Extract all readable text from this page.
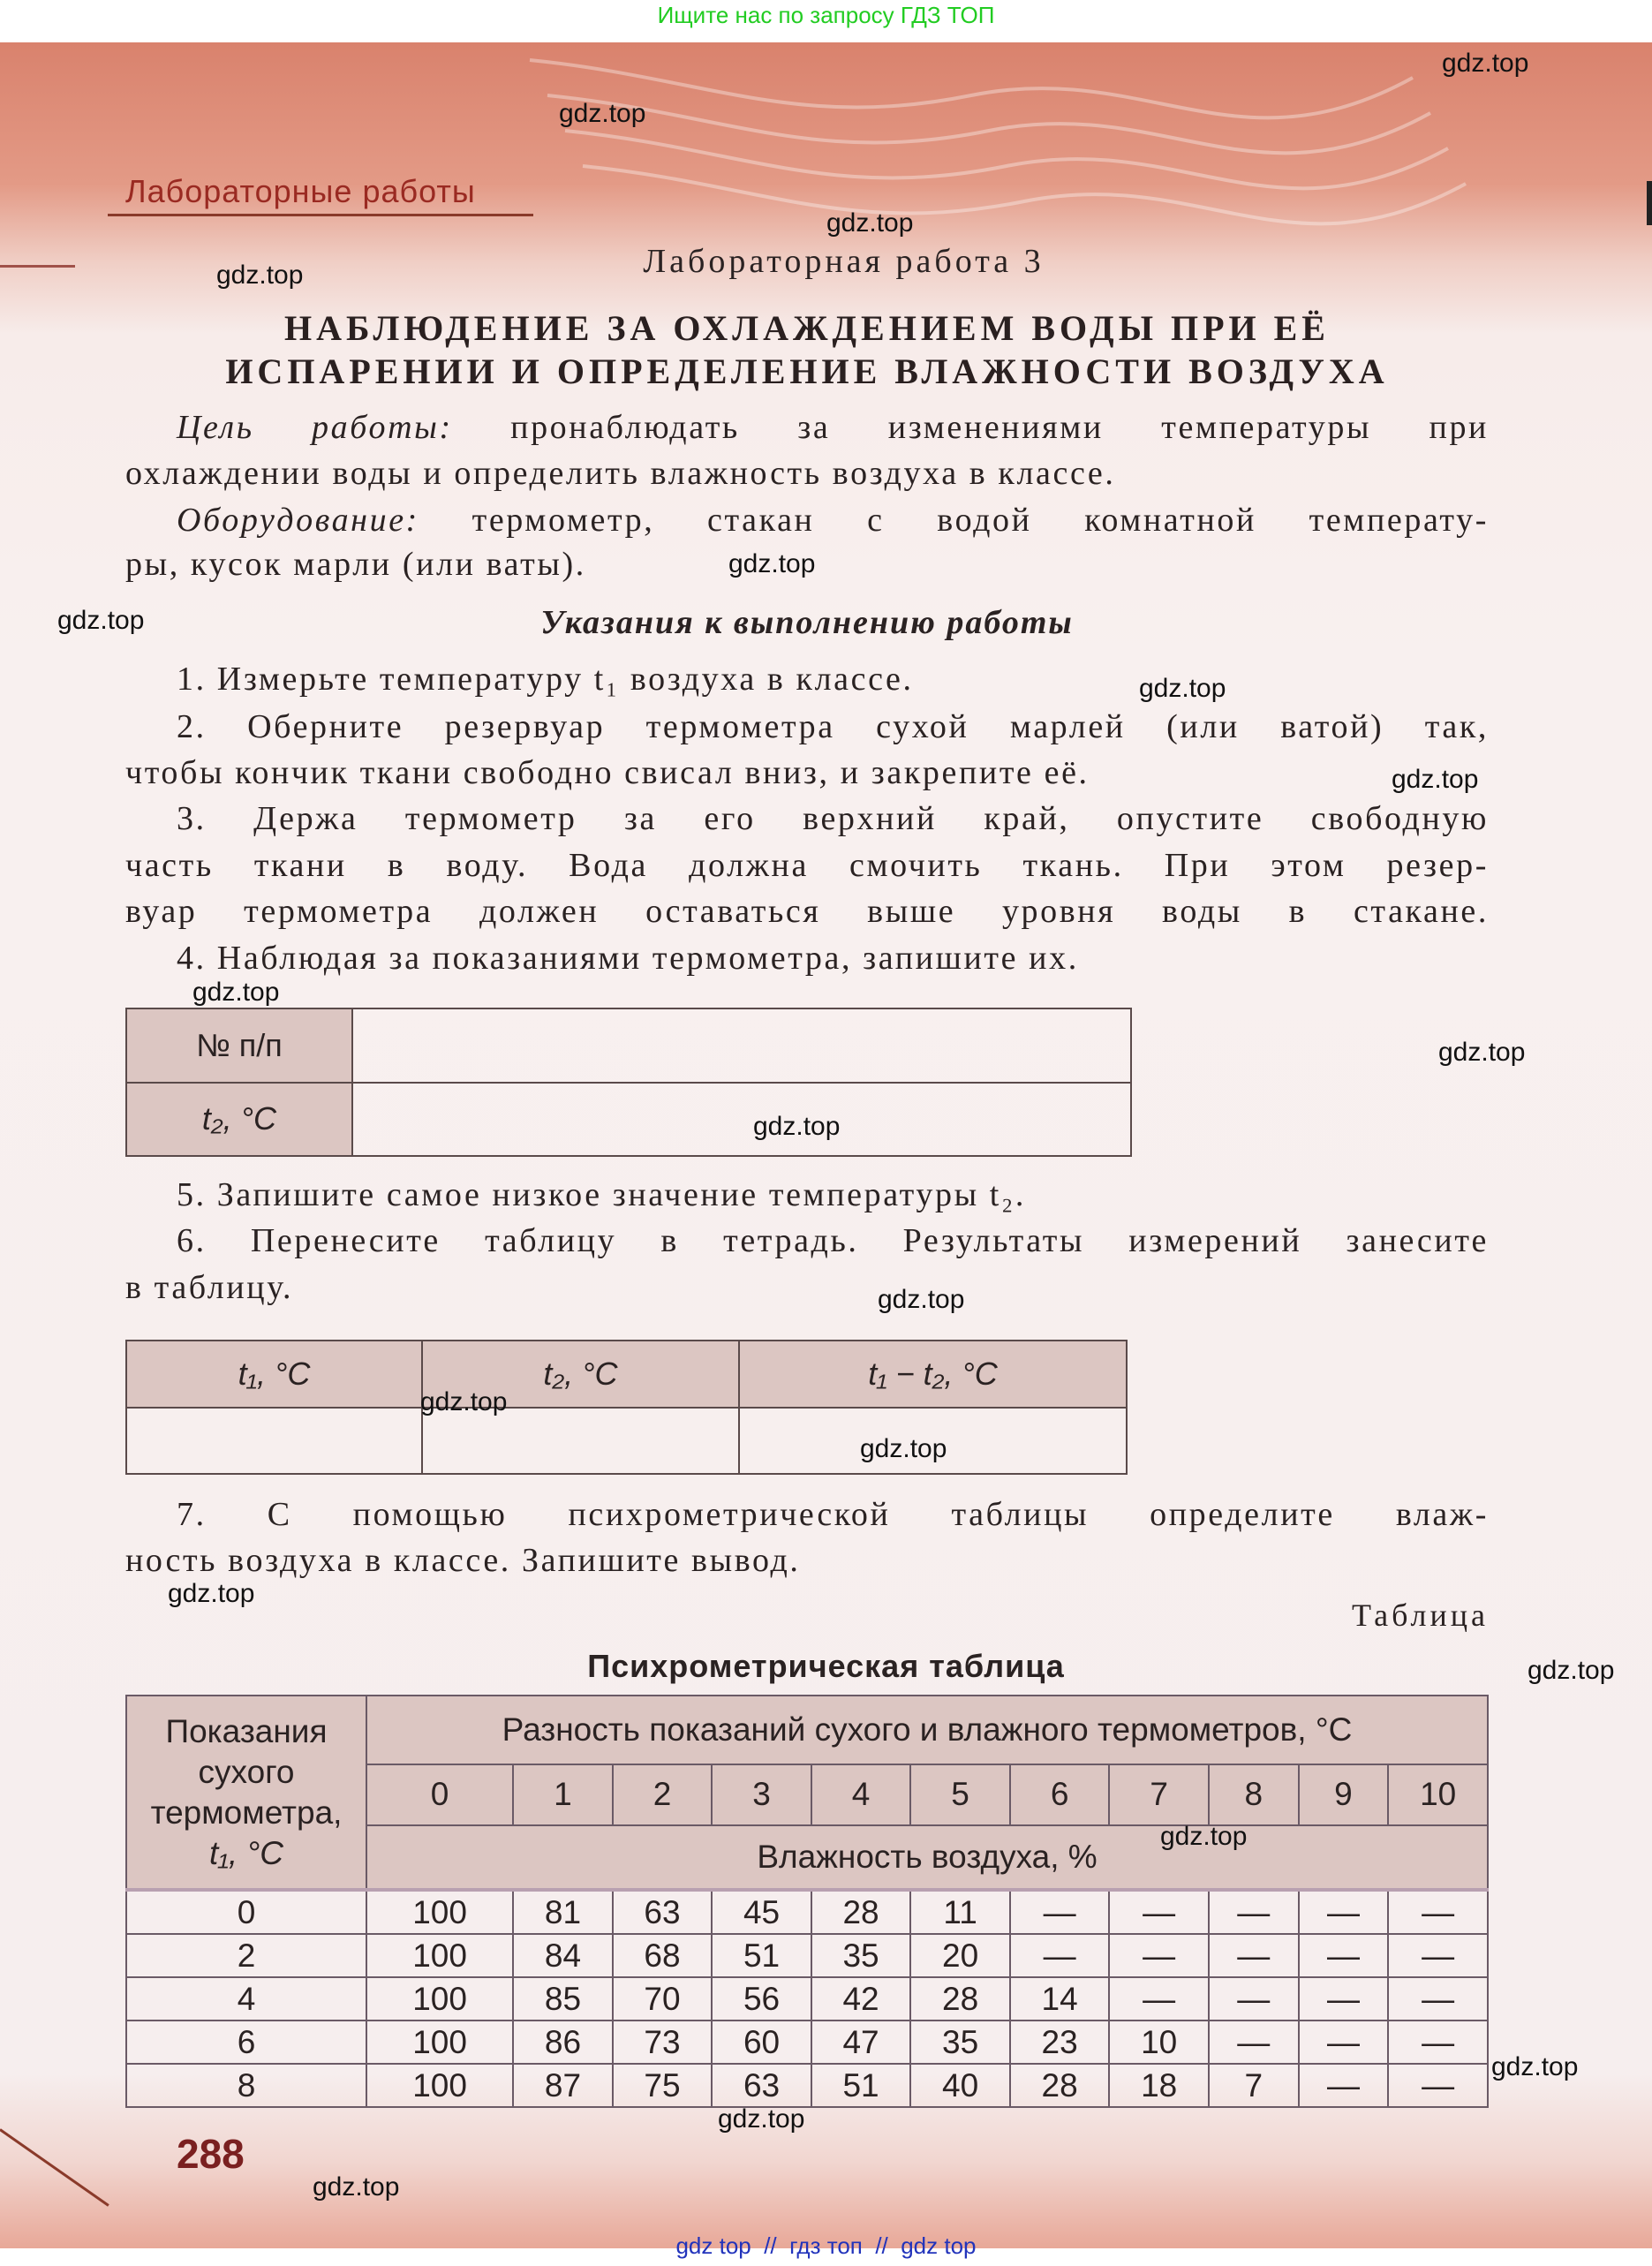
Ищите нас по запросу ГДЗ ТОП
Лабораторные работы
Лабораторная работа 3
НАБЛЮДЕНИЕ ЗА ОХЛАЖДЕНИЕМ ВОДЫ ПРИ ЕЁ
ИСПАРЕНИИ И ОПРЕДЕЛЕНИЕ ВЛАЖНОСТИ ВОЗДУХА
Цель работы: пронаблюдать за изменениями температуры при
охлаждении воды и определить влажность воздуха в классе.
Оборудование: термометр, стакан с водой комнатной температу-
ры, кусок марли (или ваты).
Указания к выполнению работы
1. Измерьте температуру t₁ воздуха в классе.
2. Оберните резервуар термометра сухой марлей (или ватой) так,
чтобы кончик ткани свободно свисал вниз, и закрепите её.
3. Держа термометр за его верхний край, опустите свободную
часть ткани в воду. Вода должна смочить ткань. При этом резер-
вуар термометра должен оставаться выше уровня воды в стакане.
4. Наблюдая за показаниями термометра, запишите их.
№ п/п	
t₂, °C	
5. Запишите самое низкое значение температуры t₂.
6. Перенесите таблицу в тетрадь. Результаты измерений занесите
в таблицу.
t₁, °C	t₂, °C	t₁ − t₂, °C

7. С помощью психрометрической таблицы определите влаж-
ность воздуха в классе. Запишите вывод.
Таблица
Психрометрическая таблица
Показания
сухого
термометра,
t₁, °C	Разность показаний сухого и влажного термометров, °C										
	0	1	2	3	4	5	6	7	8	9	10
	Влажность воздуха, %										
0	100	81	63	45	28	11	—	—	—	—	—
2	100	84	68	51	35	20	—	—	—	—	—
4	100	85	70	56	42	28	14	—	—	—	—
6	100	86	73	60	47	35	23	10	—	—	—
8	100	87	75	63	51	40	28	18	7	—	—
288
gdz.top
gdz.top
gdz.top
gdz.top
gdz.top
gdz.top
gdz.top
gdz.top
gdz.top
gdz.top
gdz.top
gdz.top
gdz.top
gdz.top
gdz.top
gdz.top
gdz.top
gdz.top
gdz.top
gdz.top
gdz top  //  гдз топ  //  gdz top
